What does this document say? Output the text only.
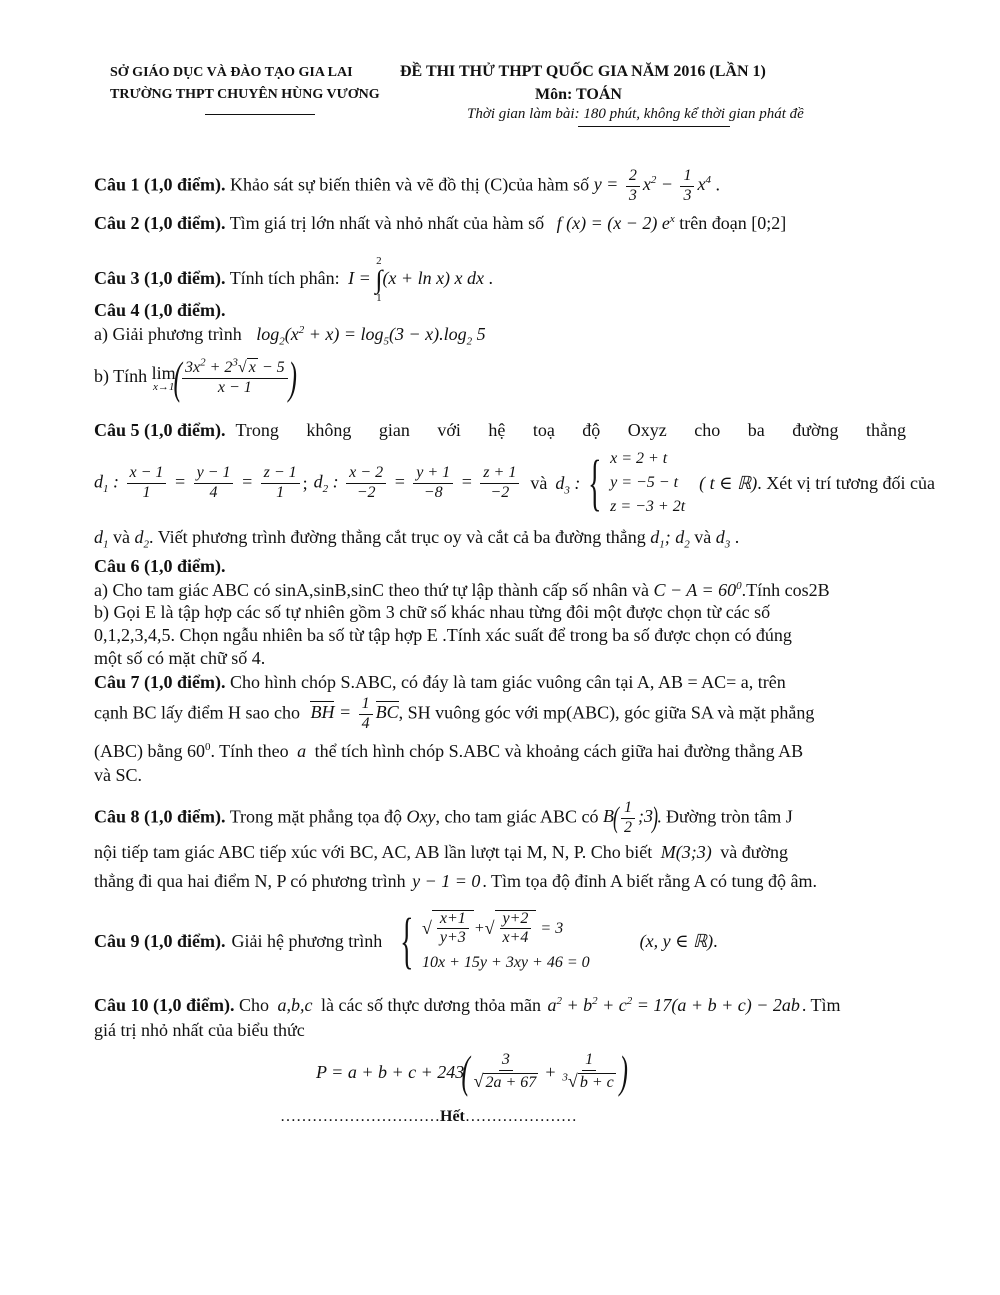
SỞ GIÁO DỤC VÀ ĐÀO TẠO GIA LAI
TRƯỜNG THPT CHUYÊN HÙNG VƯƠNG
ĐỀ THI THỬ THPT QUỐC GIA NĂM 2016 (LẦN 1)
Môn: TOÁN
Thời gian làm bài: 180 phút, không kể thời gian phát đề
Câu 1 (1,0 điểm). Khảo sát sự biến thiên và vẽ đồ thị (C)của hàm số $y = \frac{2}{3} x^2 - \frac{1}{3} x^4$ .
Câu 2 (1,0 điểm). Tìm giá trị lớn nhất và nhỏ nhất của hàm số f (x) = (x − 2) $e^x$ trên đoạn [0;2]
Câu 3 (1,0 điểm). Tính tích phân: I =
2
∫
1
(x + ln x) x dx .
Câu 4 (1,0 điểm).
a) Giải phương trình $\log_2(x^2 + x) = \log_5(3 - x).\log_2$ 5
b) Tính lim
x→1
( $\frac{3x^2 + 2^3√ x - 5}{x - 1}$ )
Câu 5 (1,0 điểm). Trong không gian với hệ toạ độ Oxyz cho ba đường thẳng
$d_1$ : $\frac{x - 1}{1} = \frac{y - 1}{4} = \frac{z - 1}{1}$ ; $d_2$ : $\frac{x - 2}{-2} = \frac{y + 1}{-8} = \frac{z + 1}{-2}$ và $d_3$ : { x = 2 + t
y = −5 − t
z = −3 + 2t
( t ∈ ℝ) . Xét vị trí tương đối của
$d_1$ và $d_2$. Viết phương trình đường thẳng cắt trục oy và cắt cả ba đường thẳng $d_1$; $d_2$ và $d_3$ .
Câu 6 (1,0 điểm).
a) Cho tam giác ABC có sinA,sinB,sinC theo thứ tự lập thành cấp số nhân và $C - A = 60^0.Tính$ cos2B
b) Gọi E là tập hợp các số tự nhiên gồm 3 chữ số khác nhau từng đôi một được chọn từ các số
0,1,2,3,4,5. Chọn ngẫu nhiên ba số từ tập hợp E .Tính xác suất để trong ba số được chọn có đúng
một số có mặt chữ số 4.
Câu 7 (1,0 điểm). Cho hình chóp S.ABC, có đáy là tam giác vuông cân tại A, AB = AC= a, trên
cạnh BC lấy điểm H sao cho BH = $\frac{1}{4}$ BC, SH vuông góc với mp(ABC), góc giữa SA và mặt phẳng
(ABC) bằng $60^0$. Tính theo a thể tích hình chóp S.ABC và khoảng cách giữa hai đường thẳng AB
và SC.
Câu 8 (1,0 điểm). Trong mặt phẳng tọa độ Oxy, cho tam giác ABC có $B( \frac{1}{2}$ ;3). Đường tròn tâm J
nội tiếp tam giác ABC tiếp xúc với BC, AC, AB lần lượt tại M, N, P. Cho biết M(3;3) và đường
thẳng đi qua hai điểm N, P có phương trình y − 1 = 0 . Tìm tọa độ đỉnh A biết rằng A có tung độ âm.
Câu 9 (1,0 điểm). Giải hệ phương trình { √ $\frac{x+1}{y+3}$ + √ $\frac{y+2}{x+4} = 3$
10x + 15y + 3xy + 46 = 0
(x, y ∈ ℝ) .
Câu 10 (1,0 điểm). Cho a,b,c là các số thực dương thỏa mãn $a^2 + b^2 + c^2 = 17(a + b + c) - 2ab$ . Tìm
giá trị nhỏ nhất của biểu thức
P = a + b + c + 243
( $\frac{3}{√ 2a + 67} + \frac{1}{^3√ b + c}$ )
…………………………Hết…………………
